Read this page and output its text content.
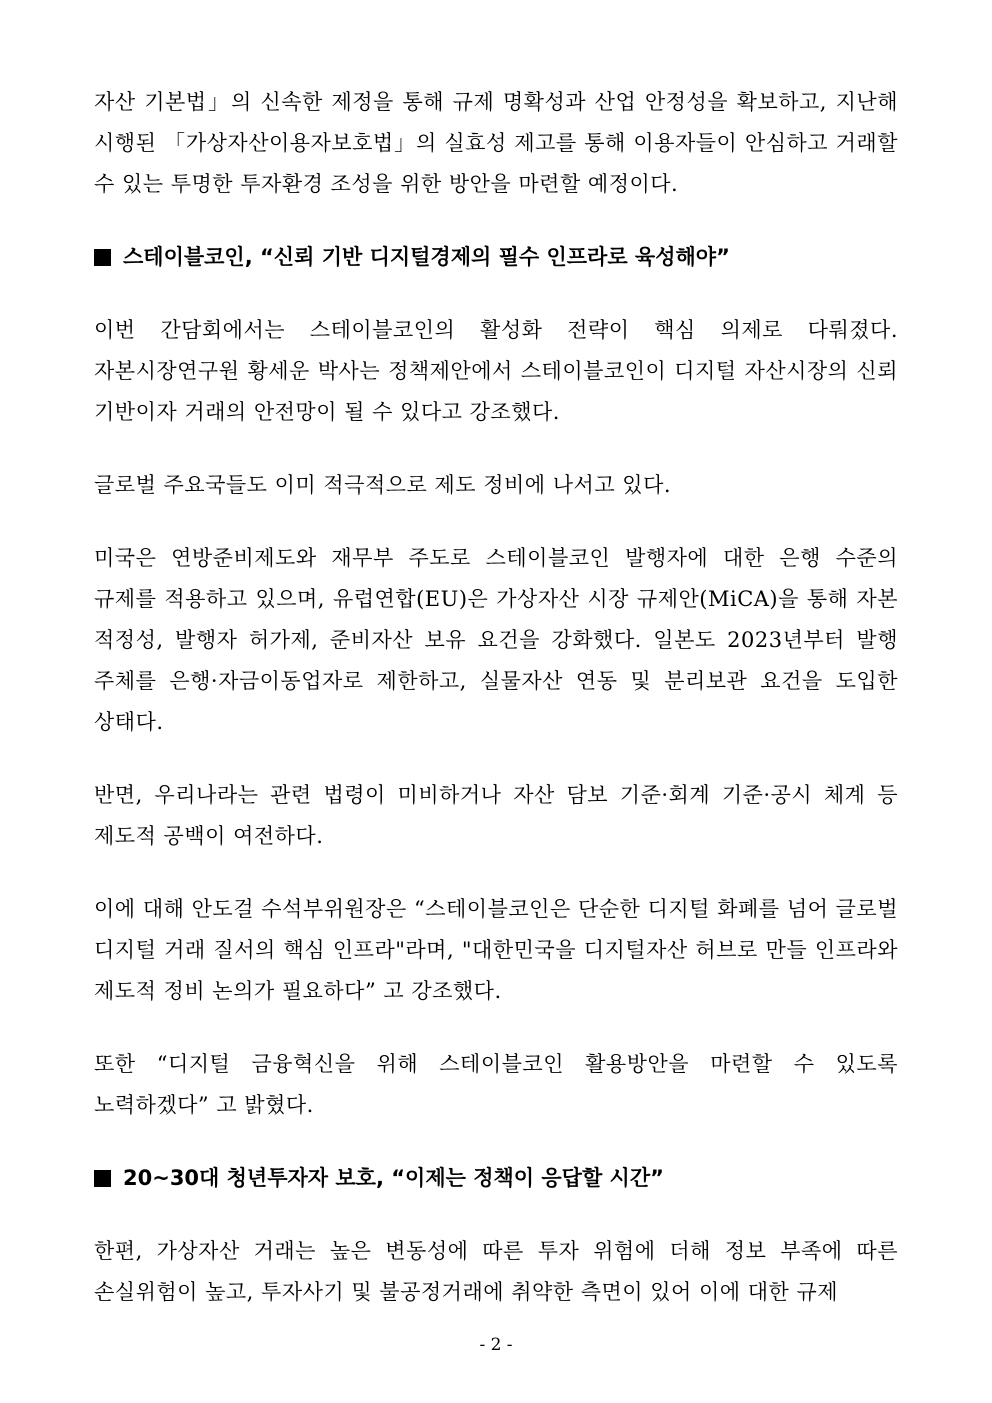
자산 기본법」의 신속한 제정을 통해 규제 명확성과 산업 안정성을 확보하고, 지난해 시행된 「가상자산이용자보호법」의 실효성 제고를 통해 이용자들이 안심하고 거래할 수 있는 투명한 투자환경 조성을 위한 방안을 마련할 예정이다.

스테이블코인, “신뢰 기반 디지털경제의 필수 인프라로 육성해야”

이번 간담회에서는 스테이블코인의 활성화 전략이 핵심 의제로 다뤄졌다. 자본시장연구원 황세운 박사는 정책제안에서 스테이블코인이 디지털 자산시장의 신뢰 기반이자 거래의 안전망이 될 수 있다고 강조했다.

글로벌 주요국들도 이미 적극적으로 제도 정비에 나서고 있다.

미국은 연방준비제도와 재무부 주도로 스테이블코인 발행자에 대한 은행 수준의 규제를 적용하고 있으며, 유럽연합(EU)은 가상자산 시장 규제안(MiCA)을 통해 자본 적정성, 발행자 허가제, 준비자산 보유 요건을 강화했다. 일본도 2023년부터 발행 주체를 은행·자금이동업자로 제한하고, 실물자산 연동 및 분리보관 요건을 도입한 상태다.

반면, 우리나라는 관련 법령이 미비하거나 자산 담보 기준·회계 기준·공시 체계 등 제도적 공백이 여전하다.

이에 대해 안도걸 수석부위원장은 “스테이블코인은 단순한 디지털 화폐를 넘어 글로벌 디지털 거래 질서의 핵심 인프라"라며, "대한민국을 디지털자산 허브로 만들 인프라와 제도적 정비 논의가 필요하다” 고 강조했다.

또한 “디지털 금융혁신을 위해 스테이블코인 활용방안을 마련할 수 있도록 노력하겠다” 고 밝혔다.

20~30대 청년투자자 보호, “이제는 정책이 응답할 시간”

한편, 가상자산 거래는 높은 변동성에 따른 투자 위험에 더해 정보 부족에 따른 손실위험이 높고, 투자사기 및 불공정거래에 취약한 측면이 있어 이에 대한 규제

- 2 -
